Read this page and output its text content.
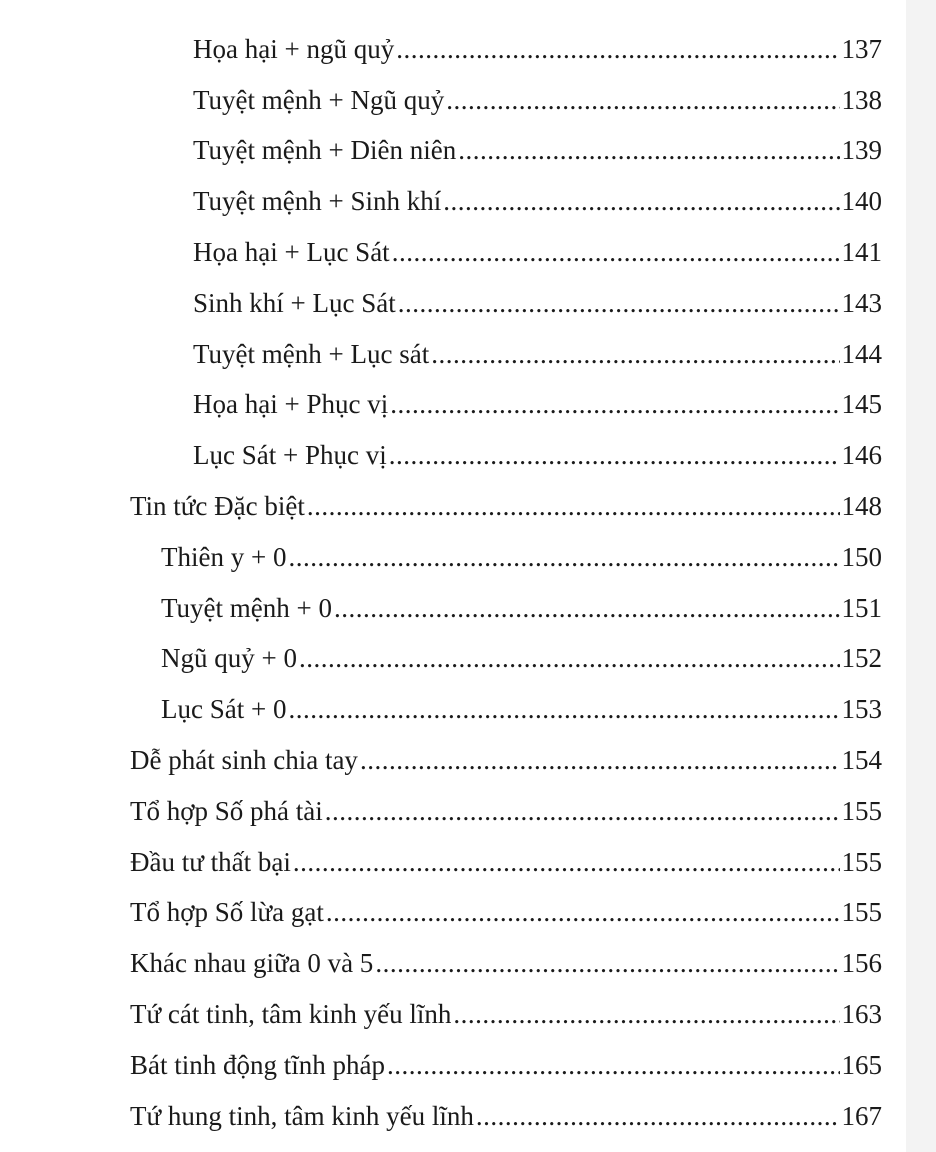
Họa hại + ngũ quỷ .....	137
Tuyệt mệnh + Ngũ quỷ .....	138
Tuyệt mệnh + Diên niên .....	139
Tuyệt mệnh + Sinh khí .....	140
Họa hại + Lục Sát .....	141
Sinh khí + Lục Sát .....	143
Tuyệt mệnh + Lục sát .....	144
Họa hại + Phục vị .....	145
Lục Sát + Phục vị .....	146
Tin tức Đặc biệt .....	148
Thiên y + 0 .....	150
Tuyệt mệnh + 0 .....	151
Ngũ quỷ + 0 .....	152
Lục Sát + 0 .....	153
Dễ phát sinh chia tay .....	154
Tổ hợp Số phá tài .....	155
Đầu tư thất bại .....	155
Tổ hợp Số lừa gạt .....	155
Khác nhau giữa 0 và 5 .....	156
Tứ cát tinh, tâm kinh yếu lĩnh .....	163
Bát tinh động tĩnh pháp .....	165
Tứ hung tinh, tâm kinh yếu lĩnh .....	167
